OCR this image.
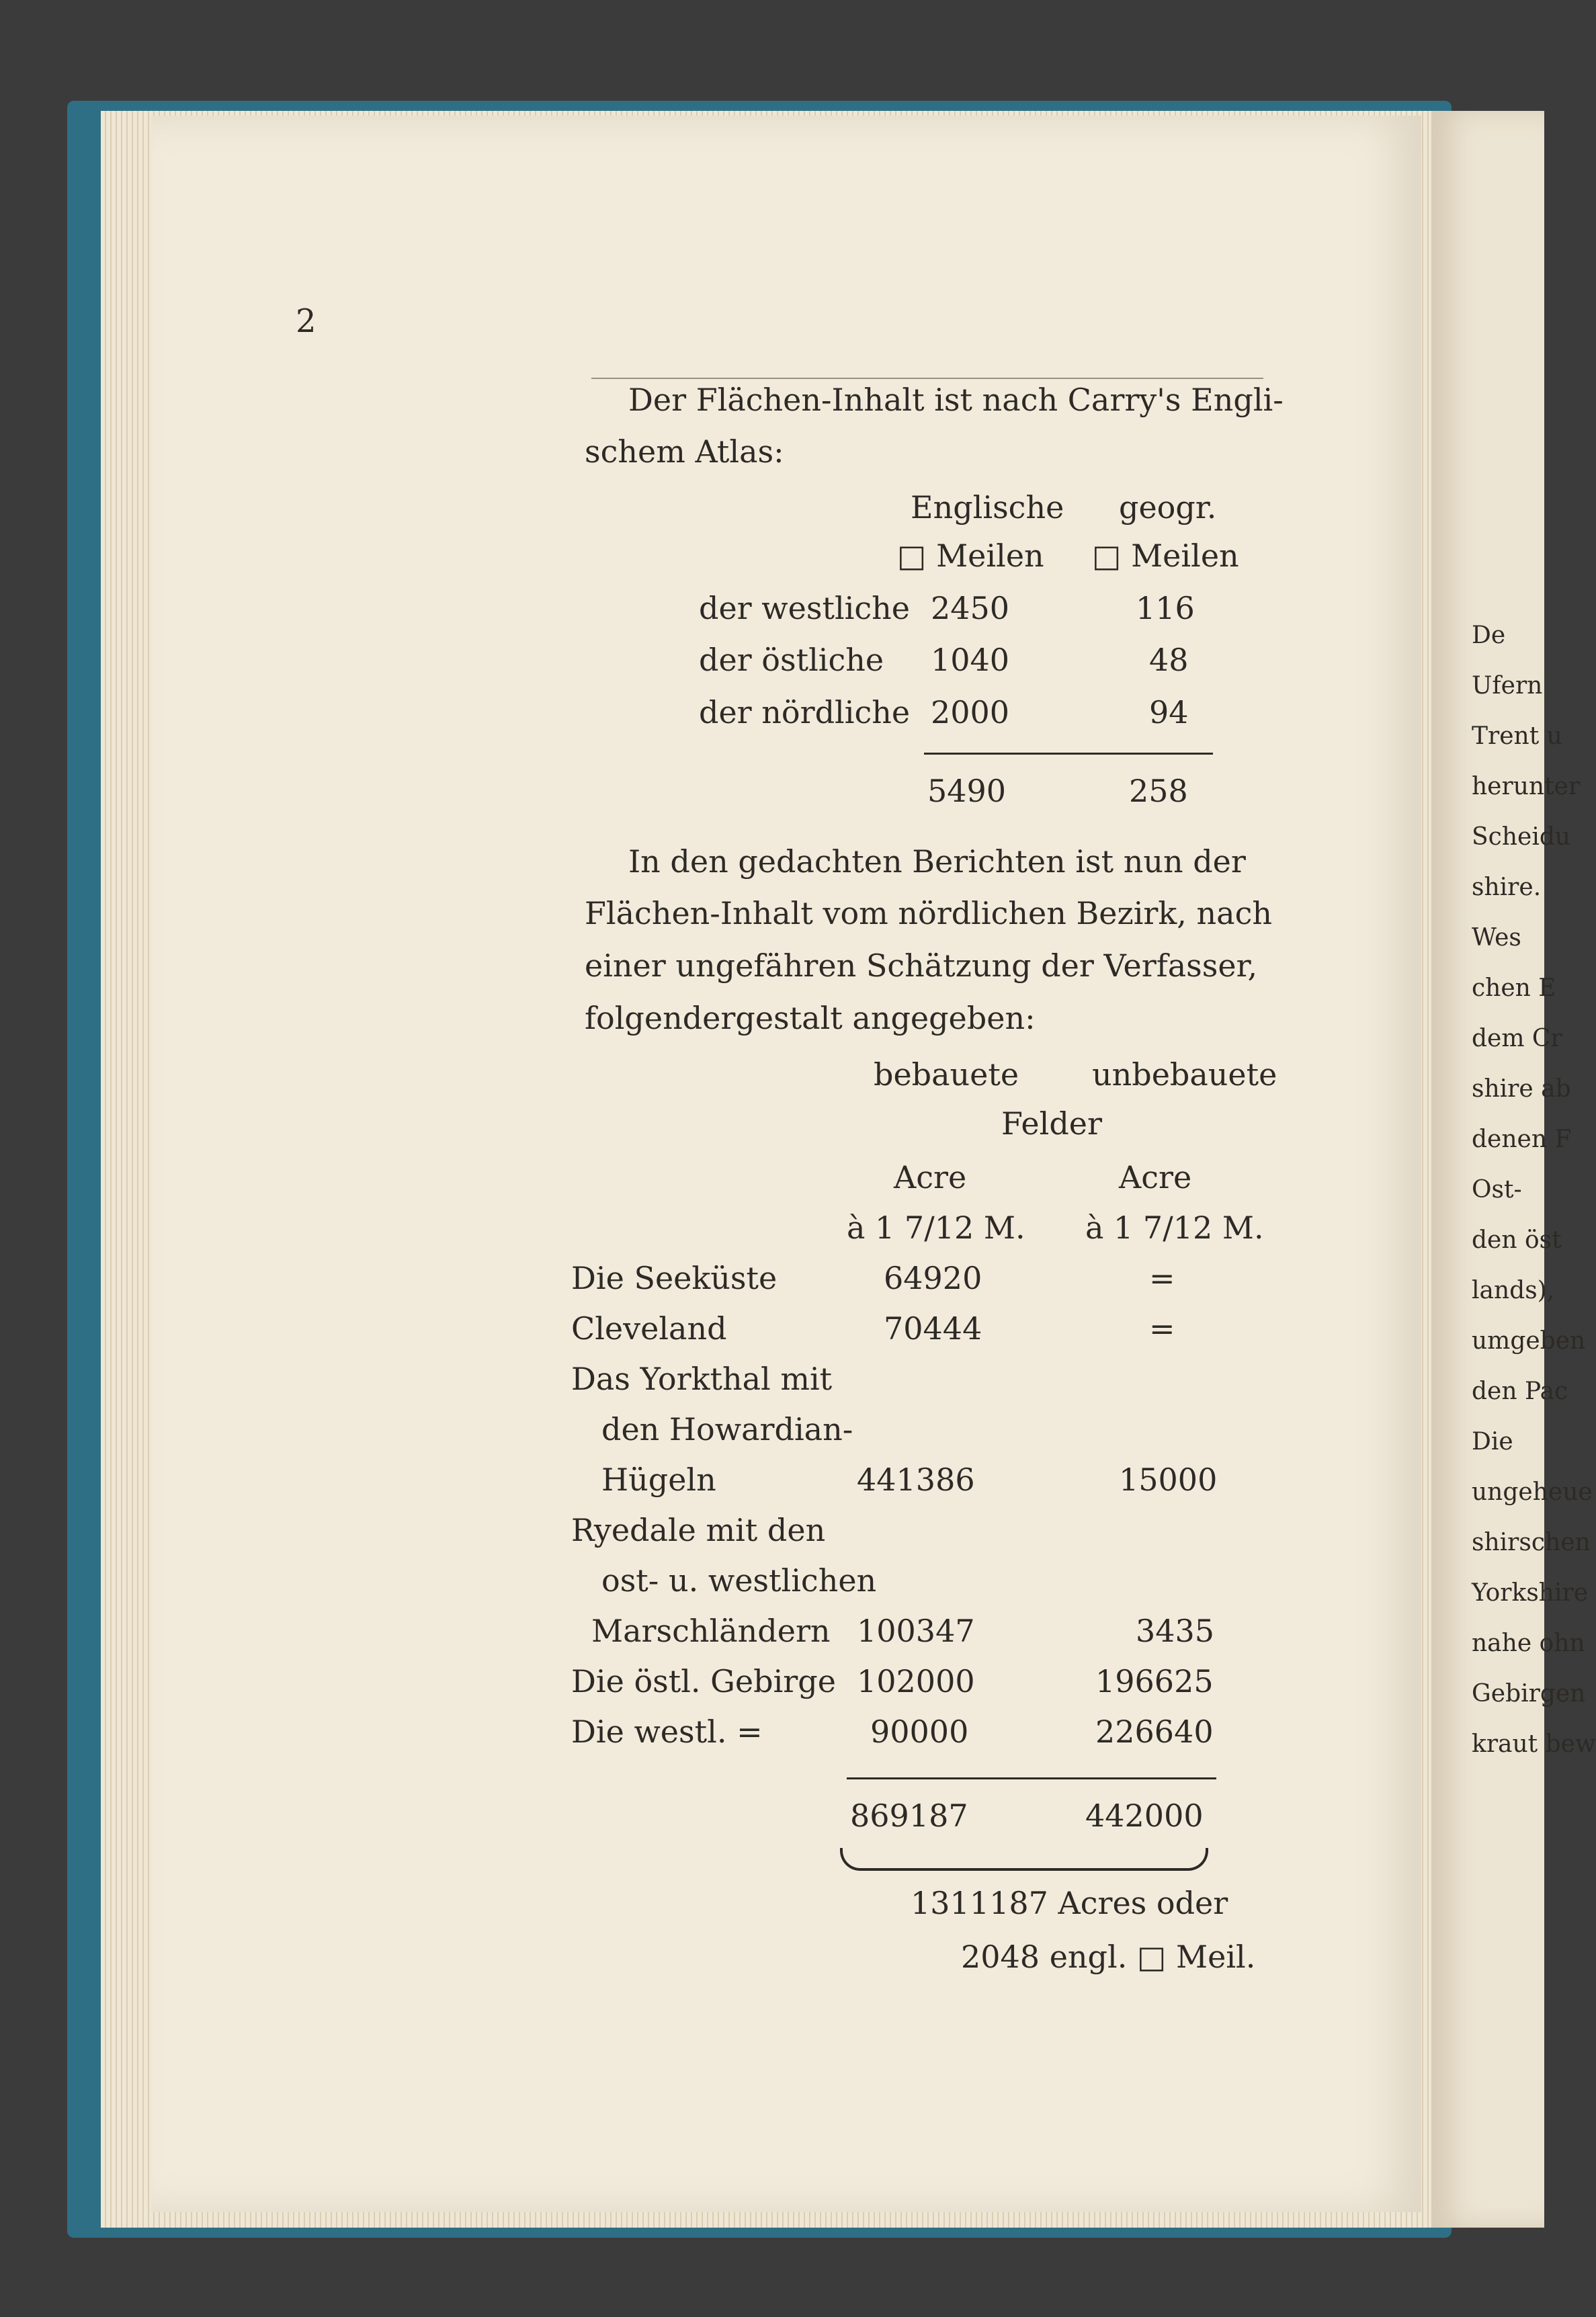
De
Ufern
Trent u
herunter
Scheidu
shire.
Wes
chen E
dem Cr
shire ab
denen F
Ost-
den öst
lands),
umgeben
den Pac
Die
ungeheue
shirschen
Yorkshire
nahe ohn
Gebirgen
kraut bew
2
Der Flächen-Inhalt ist nach Carry's Engli-
schem Atlas:
Englische geogr.
□ Meilen □ Meilen
der westliche 2450	116
der östliche 1040	48
der nördliche 2000	94
5490	258
In den gedachten Berichten ist nun der
Flächen-Inhalt vom nördlichen Bezirk, nach
einer ungefähren Schätzung der Verfasser,
folgendergestalt angegeben:
bebauete unbebauete
Felder
Acre	Acre
à 1 7/12 M. à 1 7/12 M.
Die Seeküste	64920	=
Cleveland	70444	=
Das Yorkthal mit
den Howardian-
Hügeln	441386	15000
Ryedale mit den
ost- u. westlichen
Marschländern 100347	3435
Die östl. Gebirge 102000	196625
Die westl. =	90000	226640
869187	442000
1311187 Acres oder
2048 engl. □ Meil.
